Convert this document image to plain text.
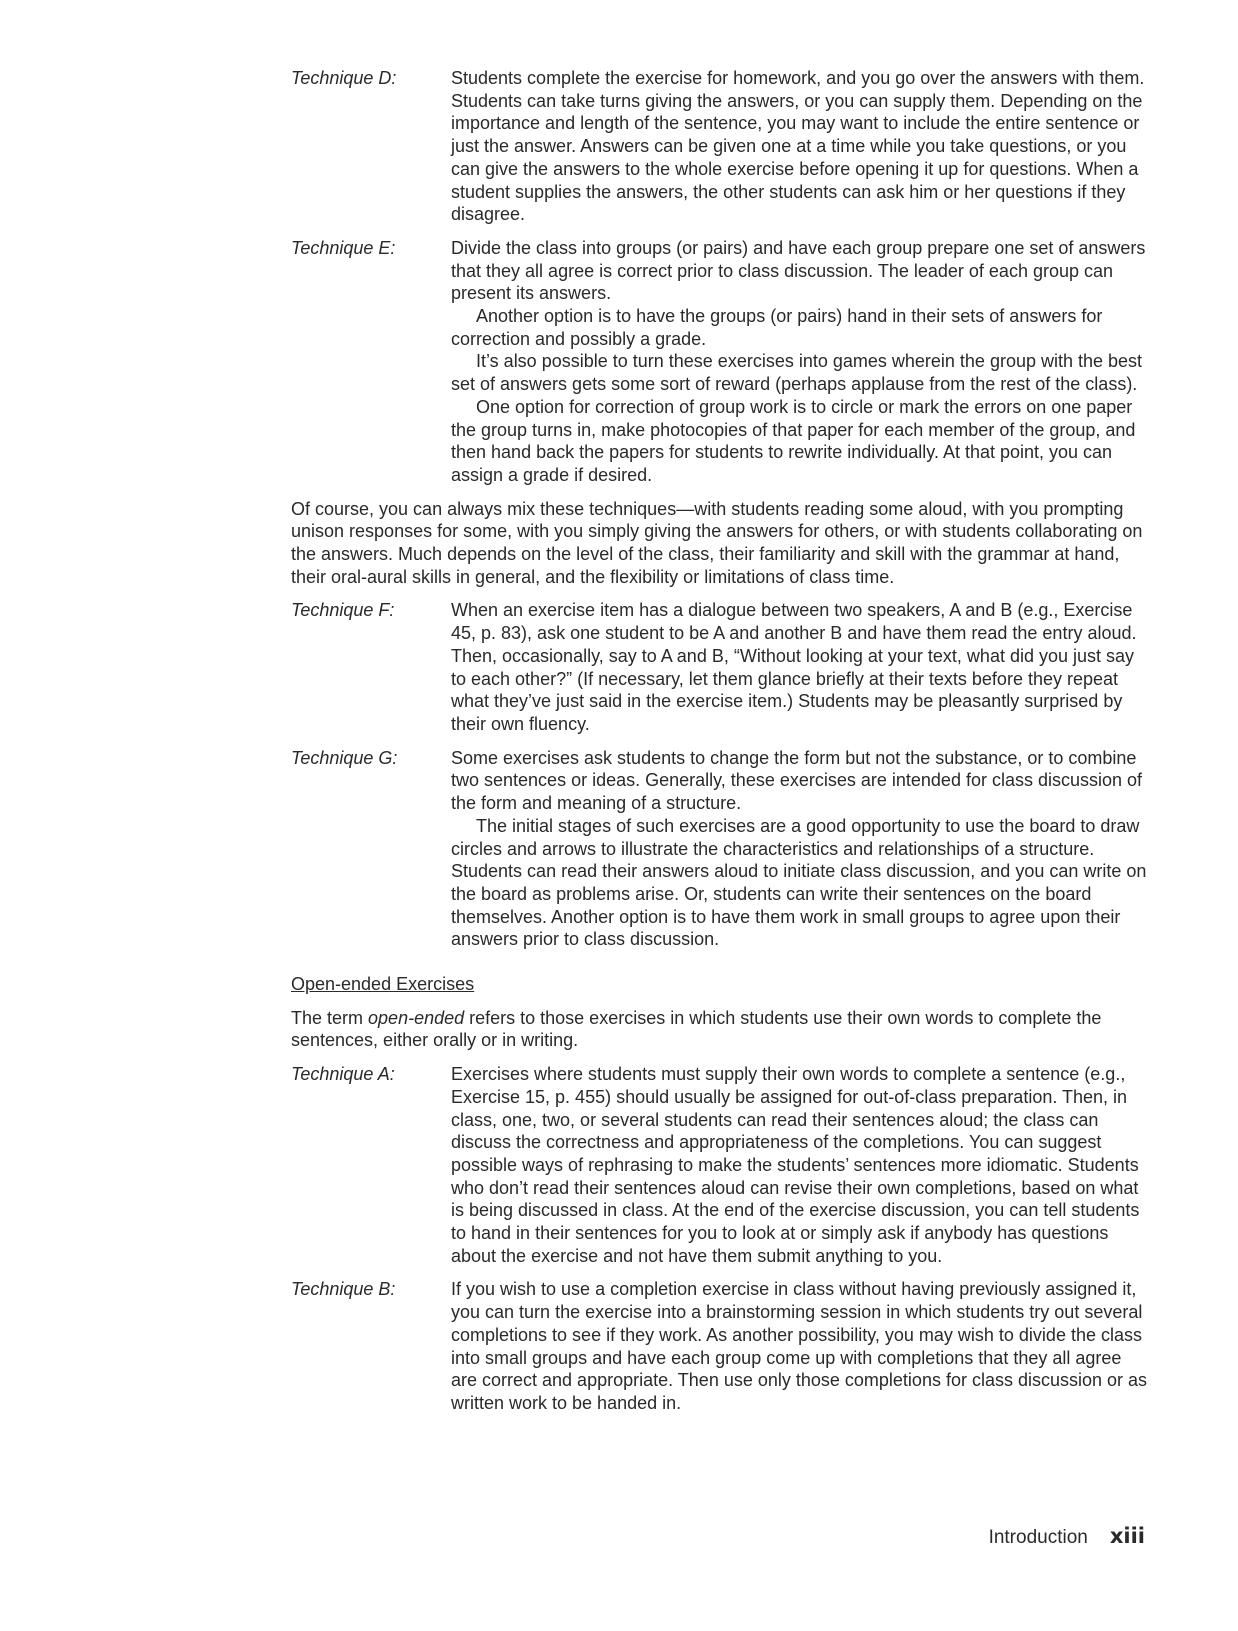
Technique D:	Students complete the exercise for homework, and you go over the answers with them. Students can take turns giving the answers, or you can supply them. Depending on the importance and length of the sentence, you may want to include the entire sentence or just the answer. Answers can be given one at a time while you take questions, or you can give the answers to the whole exercise before opening it up for questions. When a student supplies the answers, the other students can ask him or her questions if they disagree.

Technique E:	Divide the class into groups (or pairs) and have each group prepare one set of answers that they all agree is correct prior to class discussion. The leader of each group can present its answers.

Another option is to have the groups (or pairs) hand in their sets of answers for correction and possibly a grade.

It’s also possible to turn these exercises into games wherein the group with the best set of answers gets some sort of reward (perhaps applause from the rest of the class).

One option for correction of group work is to circle or mark the errors on one paper the group turns in, make photocopies of that paper for each member of the group, and then hand back the papers for students to rewrite individually. At that point, you can assign a grade if desired.

Of course, you can always mix these techniques—with students reading some aloud, with you prompting unison responses for some, with you simply giving the answers for others, or with students collaborating on the answers. Much depends on the level of the class, their familiarity and skill with the grammar at hand, their oral-aural skills in general, and the flexibility or limitations of class time.

Technique F:	When an exercise item has a dialogue between two speakers, A and B (e.g., Exercise 45, p. 83), ask one student to be A and another B and have them read the entry aloud. Then, occasionally, say to A and B, “Without looking at your text, what did you just say to each other?” (If necessary, let them glance briefly at their texts before they repeat what they’ve just said in the exercise item.) Students may be pleasantly surprised by their own fluency.

Technique G:	Some exercises ask students to change the form but not the substance, or to combine two sentences or ideas. Generally, these exercises are intended for class discussion of the form and meaning of a structure.

The initial stages of such exercises are a good opportunity to use the board to draw circles and arrows to illustrate the characteristics and relationships of a structure. Students can read their answers aloud to initiate class discussion, and you can write on the board as problems arise. Or, students can write their sentences on the board themselves. Another option is to have them work in small groups to agree upon their answers prior to class discussion.

Open-ended Exercises

The term open-ended refers to those exercises in which students use their own words to complete the sentences, either orally or in writing.

Technique A:	Exercises where students must supply their own words to complete a sentence (e.g., Exercise 15, p. 455) should usually be assigned for out-of-class preparation. Then, in class, one, two, or several students can read their sentences aloud; the class can discuss the correctness and appropriateness of the completions. You can suggest possible ways of rephrasing to make the students’ sentences more idiomatic. Students who don’t read their sentences aloud can revise their own completions, based on what is being discussed in class. At the end of the exercise discussion, you can tell students to hand in their sentences for you to look at or simply ask if anybody has questions about the exercise and not have them submit anything to you.

Technique B:	If you wish to use a completion exercise in class without having previously assigned it, you can turn the exercise into a brainstorming session in which students try out several completions to see if they work. As another possibility, you may wish to divide the class into small groups and have each group come up with completions that they all agree are correct and appropriate. Then use only those completions for class discussion or as written work to be handed in.

Introduction xiii
